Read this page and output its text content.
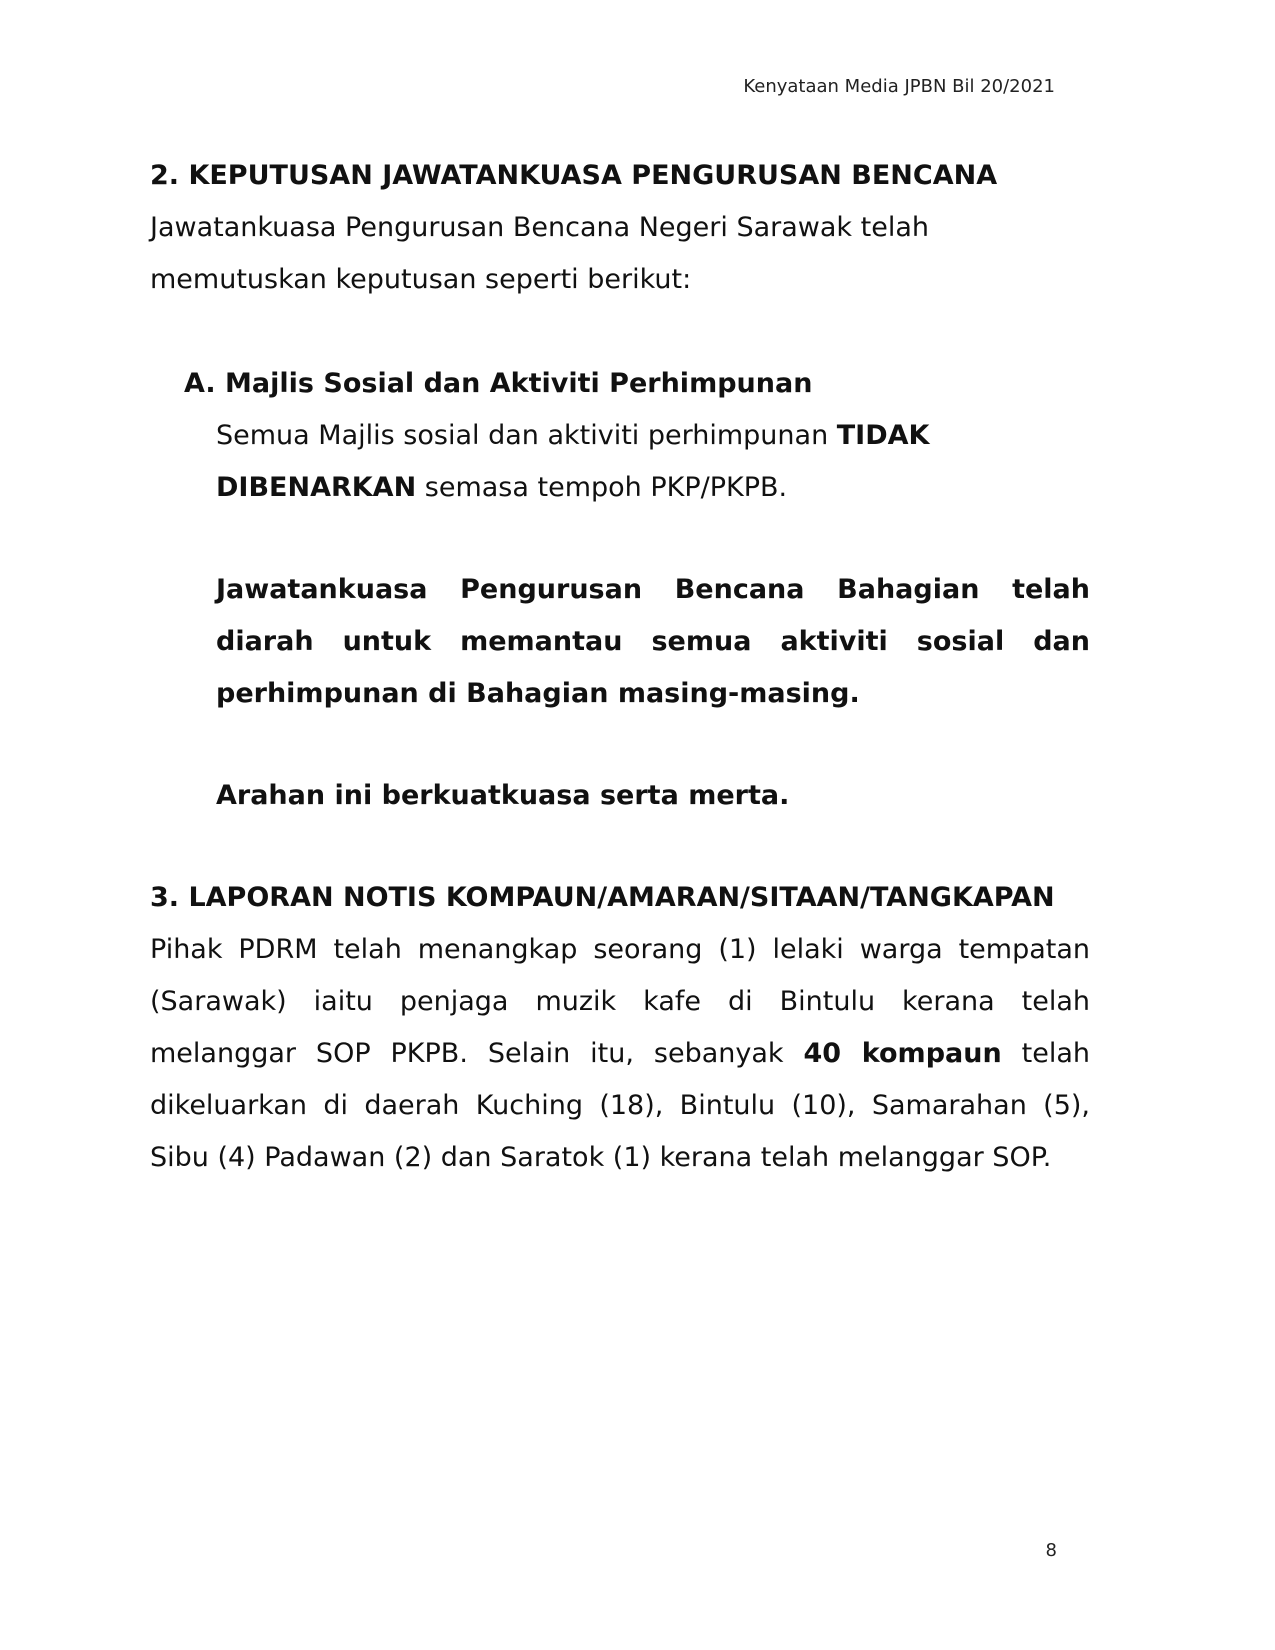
Kenyataan Media JPBN Bil 20/2021
2. KEPUTUSAN JAWATANKUASA PENGURUSAN BENCANA

Jawatankuasa Pengurusan Bencana Negeri Sarawak telah memutuskan keputusan seperti berikut:

A. Majlis Sosial dan Aktiviti Perhimpunan

Semua Majlis sosial dan aktiviti perhimpunan TIDAK DIBENARKAN semasa tempoh PKP/PKPB.

Jawatankuasa Pengurusan Bencana Bahagian telah diarah untuk memantau semua aktiviti sosial dan perhimpunan di Bahagian masing-masing.

Arahan ini berkuatkuasa serta merta.

3. LAPORAN NOTIS KOMPAUN/AMARAN/SITAAN/TANGKAPAN

Pihak PDRM telah menangkap seorang (1) lelaki warga tempatan (Sarawak) iaitu penjaga muzik kafe di Bintulu kerana telah melanggar SOP PKPB. Selain itu, sebanyak 40 kompaun telah dikeluarkan di daerah Kuching (18), Bintulu (10), Samarahan (5), Sibu (4) Padawan (2) dan Saratok (1) kerana telah melanggar SOP.

8
